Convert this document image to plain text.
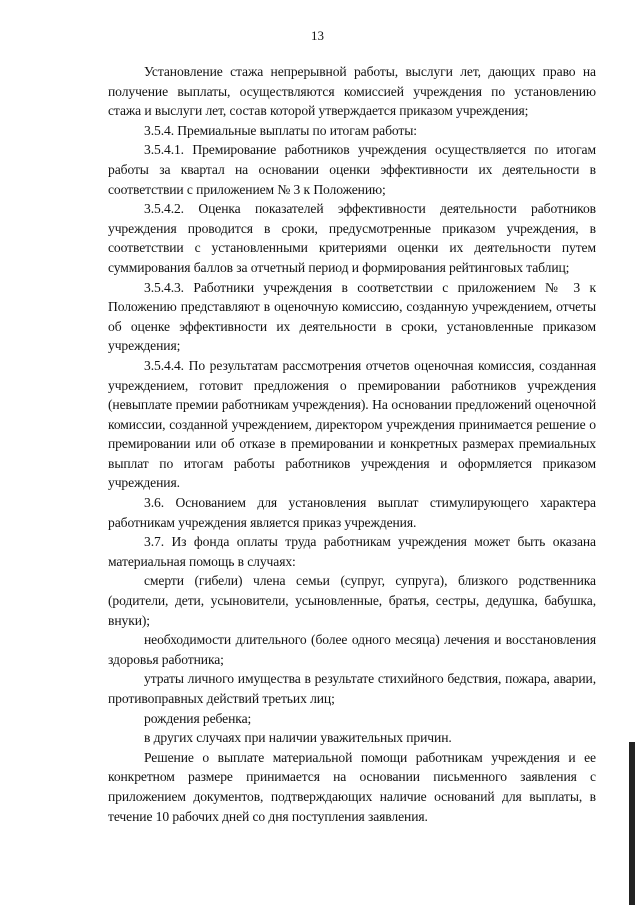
13

Установление стажа непрерывной работы, выслуги лет, дающих право на получение выплаты, осуществляются комиссией учреждения по установлению стажа и выслуги лет, состав которой утверждается приказом учреждения;

3.5.4. Премиальные выплаты по итогам работы:

3.5.4.1. Премирование работников учреждения осуществляется по итогам работы за квартал на основании оценки эффективности их деятельности в соответствии с приложением № 3 к Положению;

3.5.4.2. Оценка показателей эффективности деятельности работников учреждения проводится в сроки, предусмотренные приказом учреждения, в соответствии с установленными критериями оценки их деятельности путем суммирования баллов за отчетный период и формирования рейтинговых таблиц;

3.5.4.3. Работники учреждения в соответствии с приложением № 3 к Положению представляют в оценочную комиссию, созданную учреждением, отчеты об оценке эффективности их деятельности в сроки, установленные приказом учреждения;

3.5.4.4. По результатам рассмотрения отчетов оценочная комиссия, созданная учреждением, готовит предложения о премировании работников учреждения (невыплате премии работникам учреждения). На основании предложений оценочной комиссии, созданной учреждением, директором учреждения принимается решение о премировании или об отказе в премировании и конкретных размерах премиальных выплат по итогам работы работников учреждения и оформляется приказом учреждения.

3.6. Основанием для установления выплат стимулирующего характера работникам учреждения является приказ учреждения.

3.7. Из фонда оплаты труда работникам учреждения может быть оказана материальная помощь в случаях:

смерти (гибели) члена семьи (супруг, супруга), близкого родственника (родители, дети, усыновители, усыновленные, братья, сестры, дедушка, бабушка, внуки);

необходимости длительного (более одного месяца) лечения и восстановления здоровья работника;

утраты личного имущества в результате стихийного бедствия, пожара, аварии, противоправных действий третьих лиц;

рождения ребенка;

в других случаях при наличии уважительных причин.

Решение о выплате материальной помощи работникам учреждения и ее конкретном размере принимается на основании письменного заявления с приложением документов, подтверждающих наличие оснований для выплаты, в течение 10 рабочих дней со дня поступления заявления.
